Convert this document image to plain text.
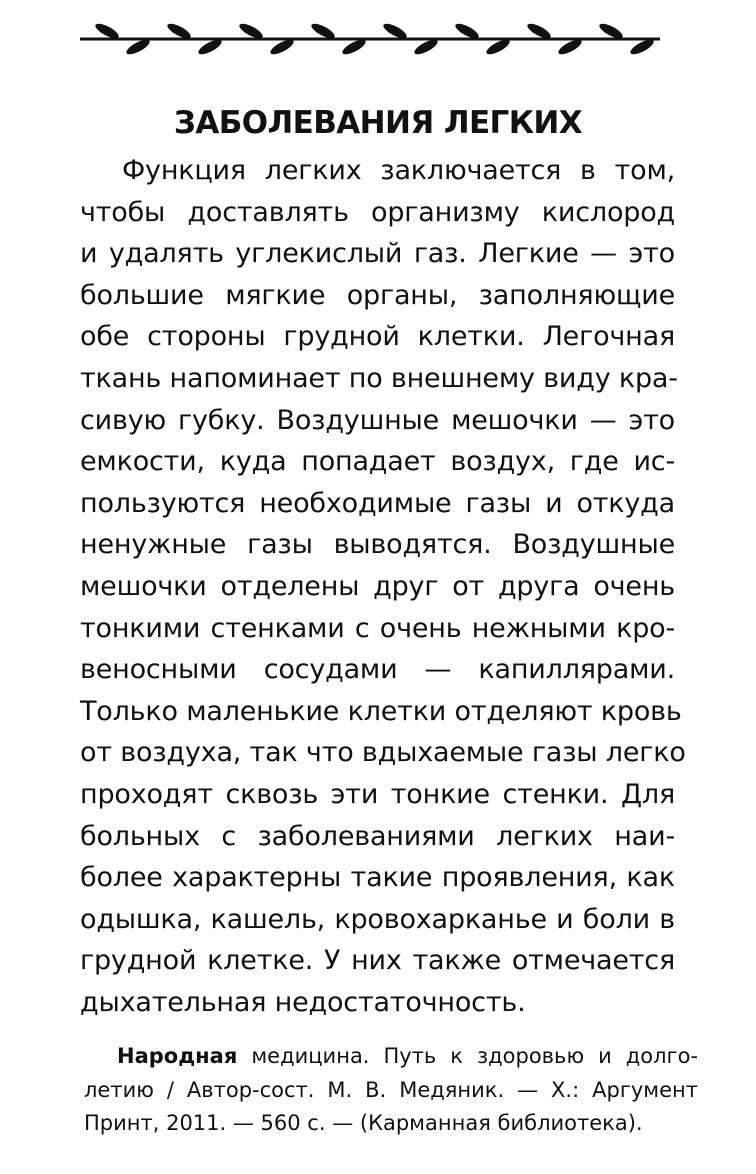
ЗАБОЛЕВАНИЯ ЛЕГКИХ

Функция легких заключается в том,
чтобы доставлять организму кислород
и удалять углекислый газ. Легкие — это
большие мягкие органы, заполняющие
обе стороны грудной клетки. Легочная
ткань напоминает по внешнему виду кра-
сивую губку. Воздушные мешочки — это
емкости, куда попадает воздух, где ис-
пользуются необходимые газы и откуда
ненужные газы выводятся. Воздушные
мешочки отделены друг от друга очень
тонкими стенками с очень нежными кро-
веносными сосудами — капиллярами.
Только маленькие клетки отделяют кровь
от воздуха, так что вдыхаемые газы легко
проходят сквозь эти тонкие стенки. Для
больных с заболеваниями легких наи-
более характерны такие проявления, как
одышка, кашель, кровохарканье и боли в
грудной клетке. У них также отмечается
дыхательная недостаточность.

Народная медицина. Путь к здоровью и долго-
летию / Автор-сост. М. В. Медяник. — Х.: Аргумент
Принт, 2011. — 560 с. — (Карманная библиотека).
